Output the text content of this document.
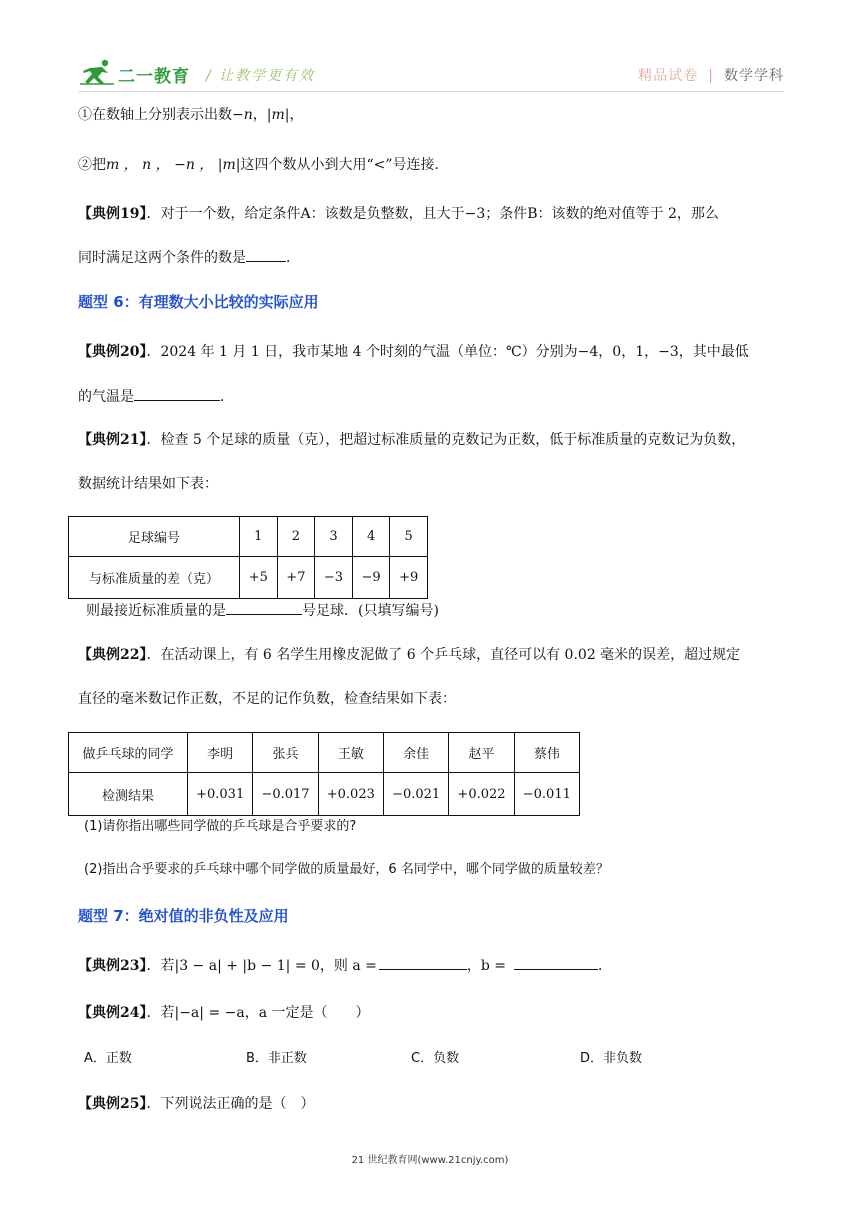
二一教育 / 让教学更有效	精品试卷 | 数学学科
①在数轴上分别表示出数−n，|m|，
②把m ， n ， −n ， |m|这四个数从小到大用“<”号连接．
【典例19】．对于一个数，给定条件A：该数是负整数，且大于−3；条件B：该数的绝对值等于 2，那么
同时满足这两个条件的数是	．
题型 6：有理数大小比较的实际应用
【典例20】．2024 年 1 月 1 日，我市某地 4 个时刻的气温（单位：℃）分别为−4，0，1，−3，其中最低
的气温是	．
【典例21】．检查 5 个足球的质量（克），把超过标准质量的克数记为正数，低于标准质量的克数记为负数，
数据统计结果如下表：
足球编号	1	2	3	4	5
与标准质量的差（克）	+5	+7	−3	−9	+9
则最接近标准质量的是	号足球．(只填写编号)
【典例22】．在活动课上，有 6 名学生用橡皮泥做了 6 个乒乓球，直径可以有 0.02 毫米的误差，超过规定
直径的毫米数记作正数，不足的记作负数，检查结果如下表：
做乒乓球的同学	李明	张兵	王敏	余佳	赵平	蔡伟
检测结果	+0.031	−0.017	+0.023	−0.021	+0.022	−0.011
(1)请你指出哪些同学做的乒乓球是合乎要求的?
(2)指出合乎要求的乒乓球中哪个同学做的质量最好，6 名同学中，哪个同学做的质量较差？
题型 7：绝对值的非负性及应用
【典例23】．若|3 − a| + |b − 1| = 0，则 a =	，b =	．
【典例24】．若|−a| = −a，a 一定是（　　）
A．正数	B．非正数	C．负数	D．非负数
【典例25】．下列说法正确的是（　）
21 世纪教育网(www.21cnjy.com)
